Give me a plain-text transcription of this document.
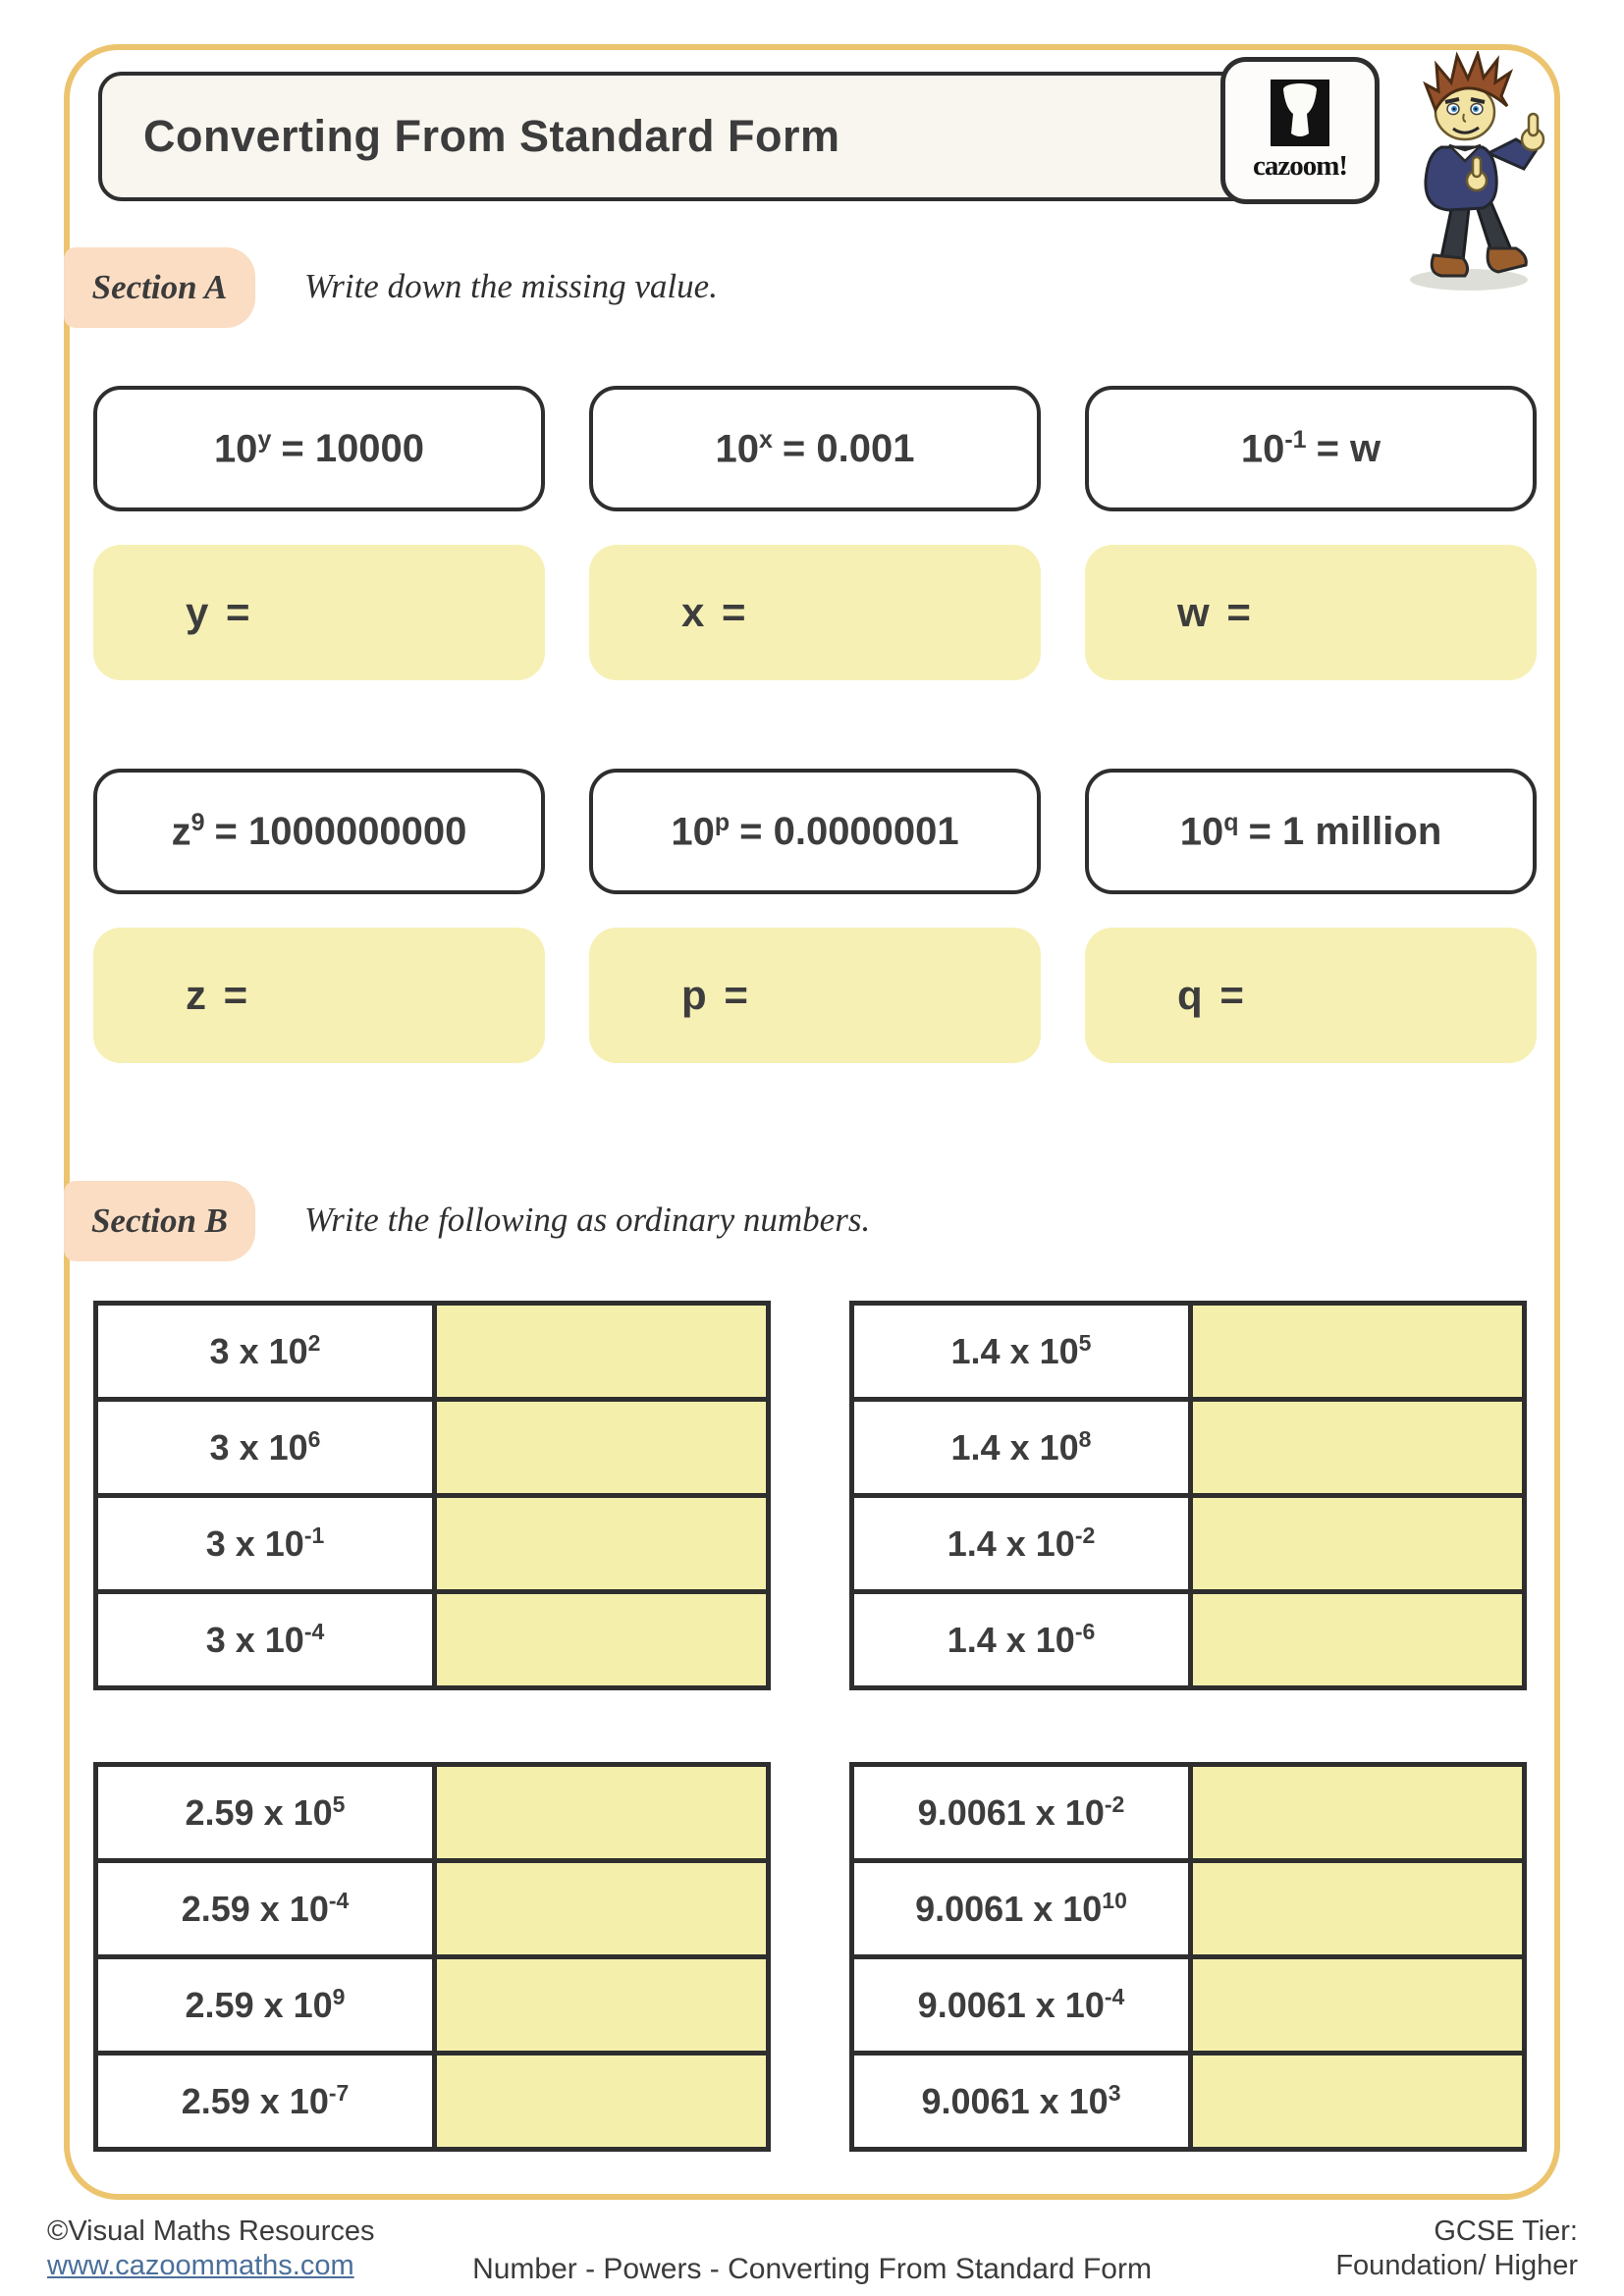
Converting From Standard Form
cazoom!
Section A Write down the missing value.
$10^y = 10000$
y =	$\frac{10^x = 0.001}{x =} \frac{10^{-1} = w}{w =}$
$z^9 = 1000000000$
z =	$\frac{10^p = 0.0000001}{p =}$	$10^q = 1$ million
q =
Section B Write the following as ordinary numbers.
3 x $10^2$
3 x $10^6$
3 x $10^{-1}$
3 x $10^{-4}$
1.4 x $10^5$
1.4 x $10^8$
1.4 x $10^{-2}$
1.4 x $10^{-6}$
2.59 x $10^5$
2.59 x $10^{-4}$
2.59 x $10^9$
2.59 x $10^{-7}$
9.0061 x $10^{-2}$
9.0061 x $10^{10}$
9.0061 x $10^{-4}$
9.0061 x $10^3$
©Visual Maths Resources
www.cazoommaths.com	Number - Powers - Converting From Standard Form
GCSE Tier:
Foundation/ Higher
